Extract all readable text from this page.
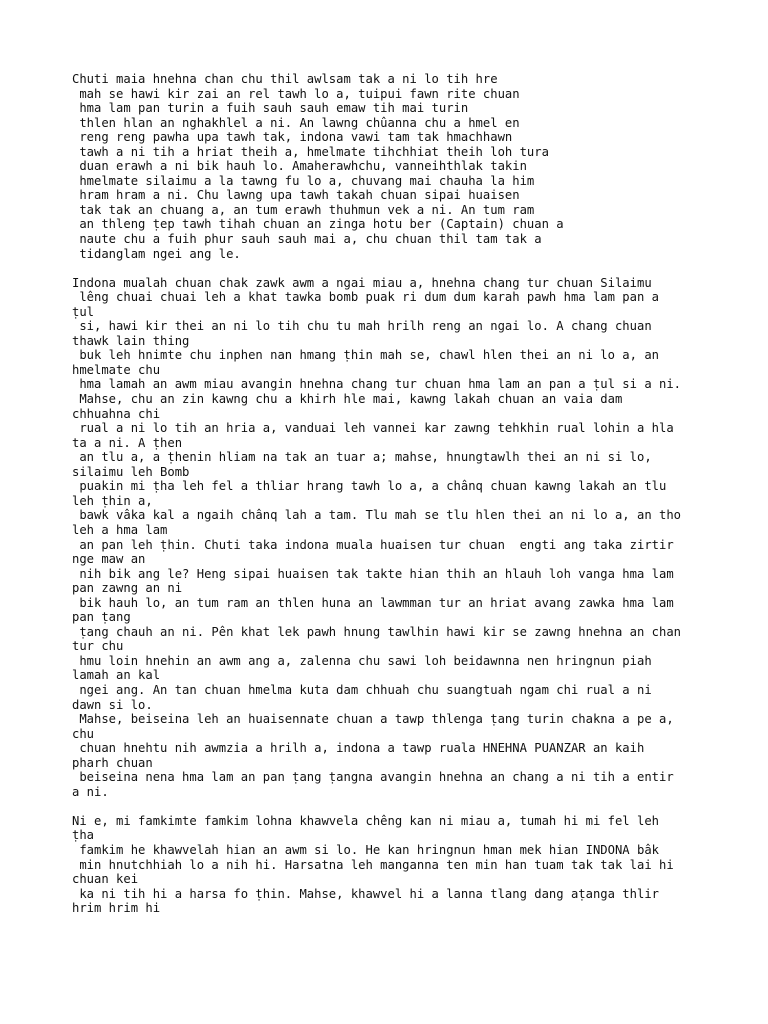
Chuti maia hnehna chan chu thil awlsam tak a ni lo tih hre
mah se hawi kir zai an rel tawh lo a, tuipui fawn rite chuan
hma lam pan turin a fuih sauh sauh emaw tih mai turin
thlen hlan an nghakhlel a ni. An lawng chûanna chu a hmel en
reng reng pawha upa tawh tak, indona vawi tam tak hmachhawn
tawh a ni tih a hriat theih a, hmelmate tihchhiat theih loh tura
duan erawh a ni bik hauh lo. Amaherawhchu, vanneihthlak takin
hmelmate silaimu a la tawng fu lo a, chuvang mai chauha la him
hram hram a ni. Chu lawng upa tawh takah chuan sipai huaisen
tak tak an chuang a, an tum erawh thuhmun vek a ni. An tum ram
an thleng ṭep tawh tihah chuan an zinga hotu ber (Captain) chuan a
naute chu a fuih phur sauh sauh mai a, chu chuan thil tam tak a
tidanglam ngei ang le.
Indona mualah chuan chak zawk awm a ngai miau a, hnehna chang tur chuan Silaimu
lêng chuai chuai leh a khat tawka bomb puak ri dum dum karah pawh hma lam pan a
ṭul
si, hawi kir thei an ni lo tih chu tu mah hrilh reng an ngai lo. A chang chuan
thawk lain thing
buk leh hnimte chu inphen nan hmang ṭhin mah se, chawl hlen thei an ni lo a, an
hmelmate chu
hma lamah an awm miau avangin hnehna chang tur chuan hma lam an pan a ṭul si a ni.
Mahse, chu an zin kawng chu a khirh hle mai, kawng lakah chuan an vaia dam
chhuahna chi
rual a ni lo tih an hria a, vanduai leh vannei kar zawng tehkhin rual lohin a hla
ta a ni. A ṭhen
an tlu a, a ṭhenin hliam na tak an tuar a; mahse, hnungtawlh thei an ni si lo,
silaimu leh Bomb
puakin mi ṭha leh fel a thliar hrang tawh lo a, a chânq chuan kawng lakah an tlu
leh ṭhin a,
bawk vâka kal a ngaih chânq lah a tam. Tlu mah se tlu hlen thei an ni lo a, an tho
leh a hma lam
an pan leh ṭhin. Chuti taka indona muala huaisen tur chuan  engti ang taka zirtir
nge maw an
nih bik ang le? Heng sipai huaisen tak takte hian thih an hlauh loh vanga hma lam
pan zawng an ni
bik hauh lo, an tum ram an thlen huna an lawmman tur an hriat avang zawka hma lam
pan ṭang
ṭang chauh an ni. Pên khat lek pawh hnung tawlhin hawi kir se zawng hnehna an chan
tur chu
hmu loin hnehin an awm ang a, zalenna chu sawi loh beidawnna nen hringnun piah
lamah an kal
ngei ang. An tan chuan hmelma kuta dam chhuah chu suangtuah ngam chi rual a ni
dawn si lo.
Mahse, beiseina leh an huaisennate chuan a tawp thlenga ṭang turin chakna a pe a,
chu
chuan hnehtu nih awmzia a hrilh a, indona a tawp ruala HNEHNA PUANZAR an kaih
pharh chuan
beiseina nena hma lam an pan ṭang ṭangna avangin hnehna an chang a ni tih a entir
a ni.
Ni e, mi famkimte famkim lohna khawvela chêng kan ni miau a, tumah hi mi fel leh
ṭha
famkim he khawvelah hian an awm si lo. He kan hringnun hman mek hian INDONA bâk
min hnutchhiah lo a nih hi. Harsatna leh manganna ten min han tuam tak tak lai hi
chuan kei
ka ni tih hi a harsa fo ṭhin. Mahse, khawvel hi a lanna tlang dang aṭanga thlir
hrim hrim hi
